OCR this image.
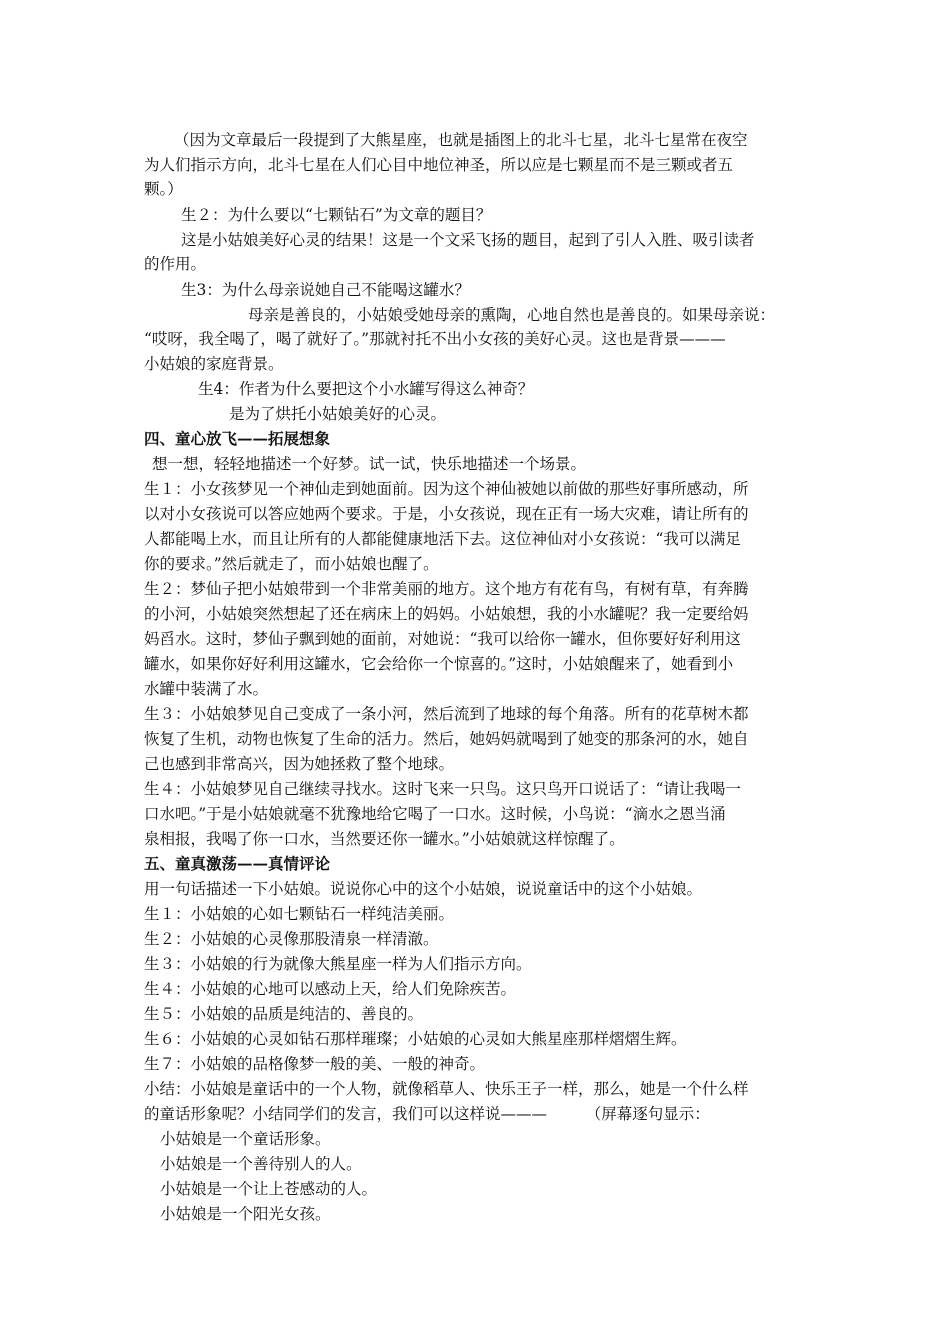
（因为文章最后一段提到了大熊星座，也就是插图上的北斗七星，北斗七星常在夜空
为人们指示方向，北斗七星在人们心目中地位神圣，所以应是七颗星而不是三颗或者五
颗。）
生２：为什么要以“七颗钻石”为文章的题目？
这是小姑娘美好心灵的结果！这是一个文采飞扬的题目，起到了引人入胜、吸引读者
的作用。
生3：为什么母亲说她自己不能喝这罐水？
母亲是善良的，小姑娘受她母亲的熏陶，心地自然也是善良的。如果母亲说：
“哎呀，我全喝了，喝了就好了。”那就衬托不出小女孩的美好心灵。这也是背景———
小姑娘的家庭背景。
生4：作者为什么要把这个小水罐写得这么神奇？
是为了烘托小姑娘美好的心灵。
四、童心放飞——拓展想象
想一想，轻轻地描述一个好梦。试一试，快乐地描述一个场景。
生１：小女孩梦见一个神仙走到她面前。因为这个神仙被她以前做的那些好事所感动，所
以对小女孩说可以答应她两个要求。于是，小女孩说，现在正有一场大灾难，请让所有的
人都能喝上水，而且让所有的人都能健康地活下去。这位神仙对小女孩说：“我可以满足
你的要求。”然后就走了，而小姑娘也醒了。
生２：梦仙子把小姑娘带到一个非常美丽的地方。这个地方有花有鸟，有树有草，有奔腾
的小河，小姑娘突然想起了还在病床上的妈妈。小姑娘想，我的小水罐呢？我一定要给妈
妈舀水。这时，梦仙子飘到她的面前，对她说：“我可以给你一罐水，但你要好好利用这
罐水，如果你好好利用这罐水，它会给你一个惊喜的。”这时，小姑娘醒来了，她看到小
水罐中装满了水。
生３：小姑娘梦见自己变成了一条小河，然后流到了地球的每个角落。所有的花草树木都
恢复了生机，动物也恢复了生命的活力。然后，她妈妈就喝到了她变的那条河的水，她自
己也感到非常高兴，因为她拯救了整个地球。
生４：小姑娘梦见自己继续寻找水。这时飞来一只鸟。这只鸟开口说话了：“请让我喝一
口水吧。”于是小姑娘就毫不犹豫地给它喝了一口水。这时候，小鸟说：“滴水之恩当涌
泉相报，我喝了你一口水，当然要还你一罐水。”小姑娘就这样惊醒了。
五、童真激荡——真情评论
用一句话描述一下小姑娘。说说你心中的这个小姑娘，说说童话中的这个小姑娘。
生１：小姑娘的心如七颗钻石一样纯洁美丽。
生２：小姑娘的心灵像那股清泉一样清澈。
生３：小姑娘的行为就像大熊星座一样为人们指示方向。
生４：小姑娘的心地可以感动上天，给人们免除疾苦。
生５：小姑娘的品质是纯洁的、善良的。
生６：小姑娘的心灵如钻石那样璀璨；小姑娘的心灵如大熊星座那样熠熠生辉。
生７：小姑娘的品格像梦一般的美、一般的神奇。
小结：小姑娘是童话中的一个人物，就像稻草人、快乐王子一样，那么，她是一个什么样
的童话形象呢？小结同学们的发言，我们可以这样说———　　　（屏幕逐句显示：
小姑娘是一个童话形象。
小姑娘是一个善待别人的人。
小姑娘是一个让上苍感动的人。
小姑娘是一个阳光女孩。
